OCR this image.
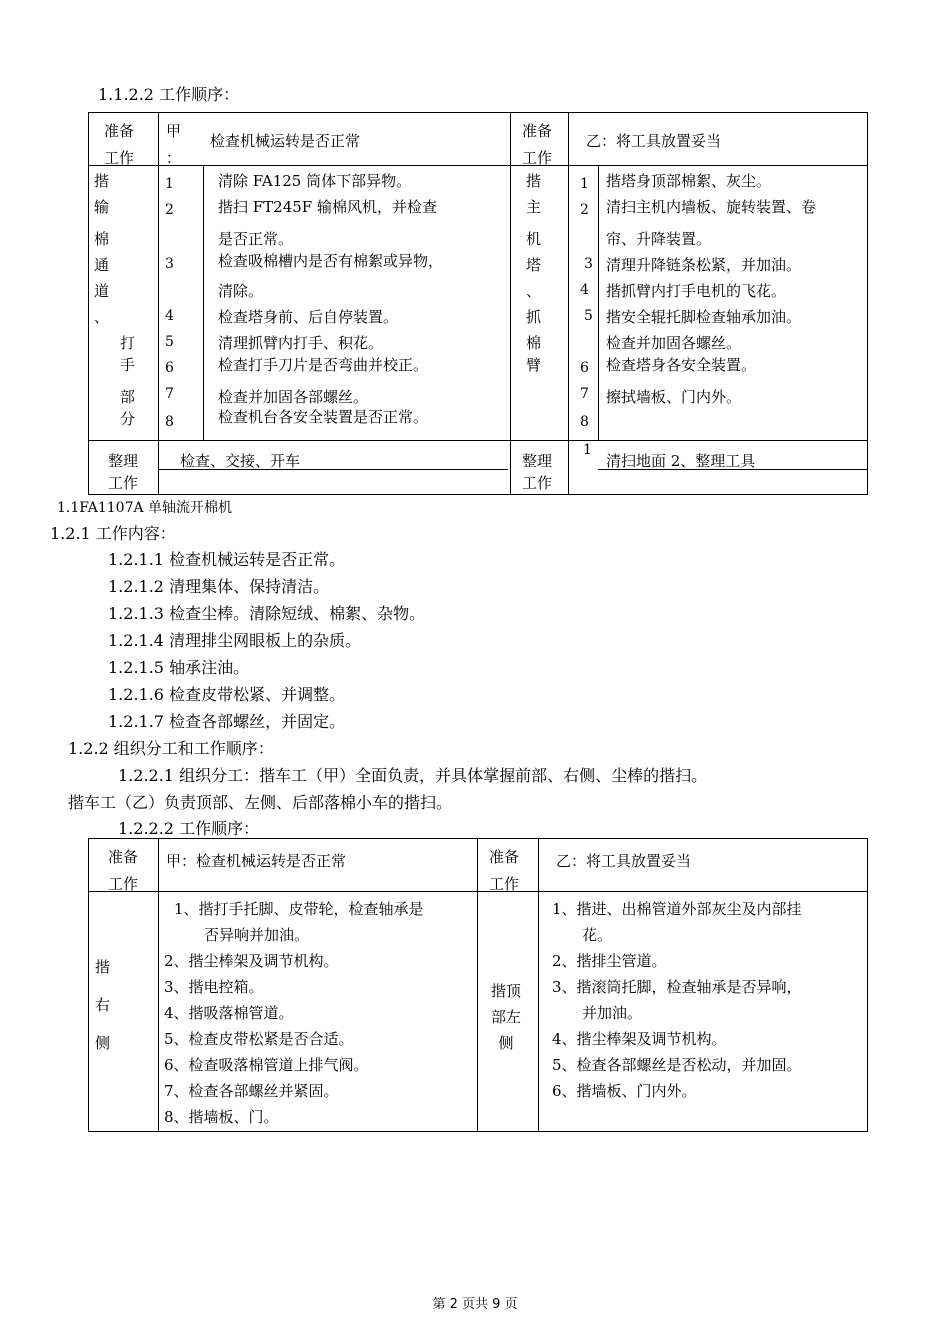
1.1.2.2 工作顺序：
准备
工作
甲
：
检查机械运转是否正常
准备
工作
乙：将工具放置妥当
揩
输
棉
通
道
、
打
手
部
分
1
2
3
4
5
6
7
8
清除 FA125 筒体下部异物。
揩扫 FT245F 输棉风机，并检查
是否正常。
检查吸棉槽内是否有棉絮或异物，
清除。
检查塔身前、后自停装置。
清理抓臂内打手、积花。
检查打手刀片是否弯曲并校正。
检查并加固各部螺丝。
检查机台各安全装置是否正常。
揩
主
机
塔
、
抓
棉
臂
1
2
3
4
5
6
7
8
揩塔身顶部棉絮、灰尘。
清扫主机内墙板、旋转装置、卷
帘、升降装置。
清理升降链条松紧，并加油。
揩抓臂内打手电机的飞花。
揩安全辊托脚检查轴承加油。
检查并加固各螺丝。
检查塔身各安全装置。
擦拭墙板、门内外。
整理
工作
检查、交接、开车	整理
工作
1
清扫地面 2、整理工具
1.1FA1107A 单轴流开棉机
1.2.1 工作内容：
1.2.1.1 检查机械运转是否正常。
1.2.1.2 清理集体、保持清洁。
1.2.1.3 检查尘棒。清除短绒、棉絮、杂物。
1.2.1.4 清理排尘网眼板上的杂质。
1.2.1.5 轴承注油。
1.2.1.6 检查皮带松紧、并调整。
1.2.1.7 检查各部螺丝，并固定。
1.2.2 组织分工和工作顺序：
1.2.2.1 组织分工：揩车工（甲）全面负责，并具体掌握前部、右侧、尘棒的揩扫。
揩车工（乙）负责顶部、左侧、后部落棉小车的揩扫。
1.2.2.2 工作顺序：
准备
工作
甲：检查机械运转是否正常	准备
工作
乙：将工具放置妥当
揩
右
侧
1、揩打手托脚、皮带轮，检查轴承是
否异响并加油。
2、揩尘棒架及调节机构。
3、揩电控箱。
4、揩吸落棉管道。
5、检查皮带松紧是否合适。
6、检查吸落棉管道上排气阀。
7、检查各部螺丝并紧固。
8、揩墙板、门。
揩顶
部左
侧
1、揩进、出棉管道外部灰尘及内部挂
花。
2、揩排尘管道。
3、揩滚筒托脚，检查轴承是否异响，
并加油。
4、揩尘棒架及调节机构。
5、检查各部螺丝是否松动，并加固。
6、揩墙板、门内外。
第 2 页共 9 页
